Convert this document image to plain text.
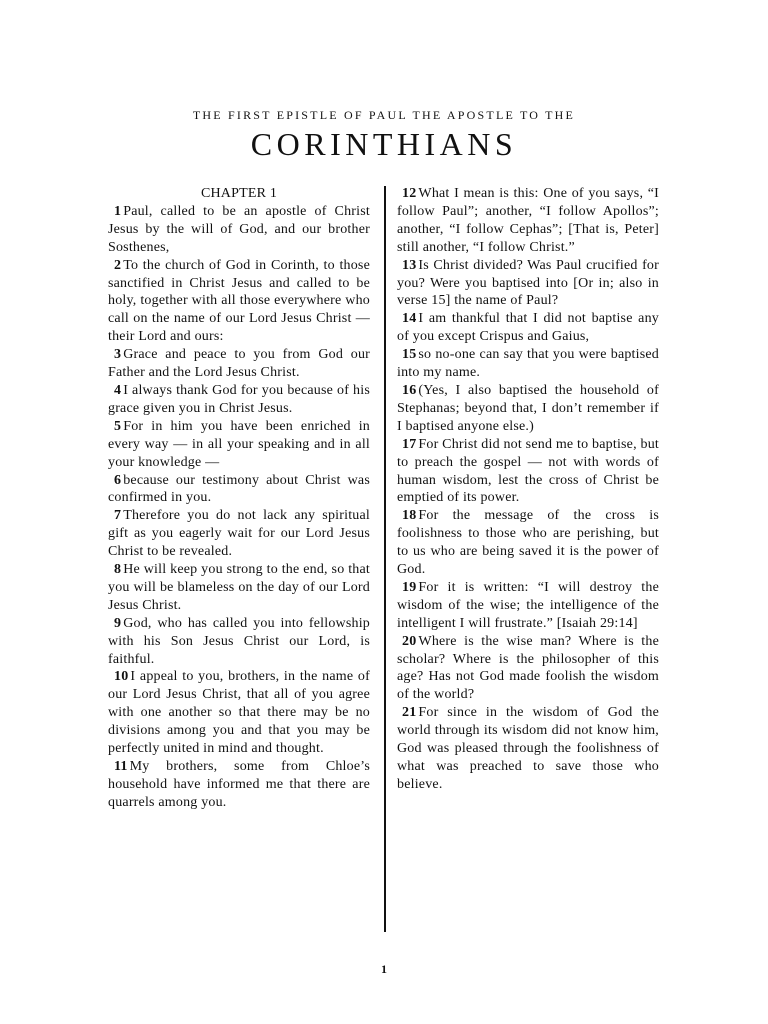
THE FIRST EPISTLE OF PAUL THE APOSTLE TO THE
CORINTHIANS

CHAPTER 1

1 Paul, called to be an apostle of Christ Jesus by the will of God, and our brother Sosthenes,

2 To the church of God in Corinth, to those sanctified in Christ Jesus and called to be holy, together with all those everywhere who call on the name of our Lord Jesus Christ — their Lord and ours:

3 Grace and peace to you from God our Father and the Lord Jesus Christ.

4 I always thank God for you because of his grace given you in Christ Jesus.

5 For in him you have been enriched in every way — in all your speaking and in all your knowledge —

6 because our testimony about Christ was confirmed in you.

7 Therefore you do not lack any spiritual gift as you eagerly wait for our Lord Jesus Christ to be revealed.

8 He will keep you strong to the end, so that you will be blameless on the day of our Lord Jesus Christ.

9 God, who has called you into fellowship with his Son Jesus Christ our Lord, is faithful.

10 I appeal to you, brothers, in the name of our Lord Jesus Christ, that all of you agree with one another so that there may be no divisions among you and that you may be perfectly united in mind and thought.

11 My brothers, some from Chloe’s household have informed me that there are quarrels among you.

12 What I mean is this: One of you says, “I follow Paul”; another, “I follow Apollos”; another, “I follow Cephas”; [That is, Peter] still another, “I follow Christ.”

13 Is Christ divided? Was Paul crucified for you? Were you baptised into [Or in; also in verse 15] the name of Paul?

14 I am thankful that I did not baptise any of you except Crispus and Gaius,

15 so no-one can say that you were baptised into my name.

16 (Yes, I also baptised the household of Stephanas; beyond that, I don’t remember if I baptised anyone else.)

17 For Christ did not send me to baptise, but to preach the gospel — not with words of human wisdom, lest the cross of Christ be emptied of its power.

18 For the message of the cross is foolishness to those who are perishing, but to us who are being saved it is the power of God.

19 For it is written: “I will destroy the wisdom of the wise; the intelligence of the intelligent I will frustrate.” [Isaiah 29:14]

20 Where is the wise man? Where is the scholar? Where is the philosopher of this age? Has not God made foolish the wisdom of the world?

21 For since in the wisdom of God the world through its wisdom did not know him, God was pleased through the foolishness of what was preached to save those who believe.

1
